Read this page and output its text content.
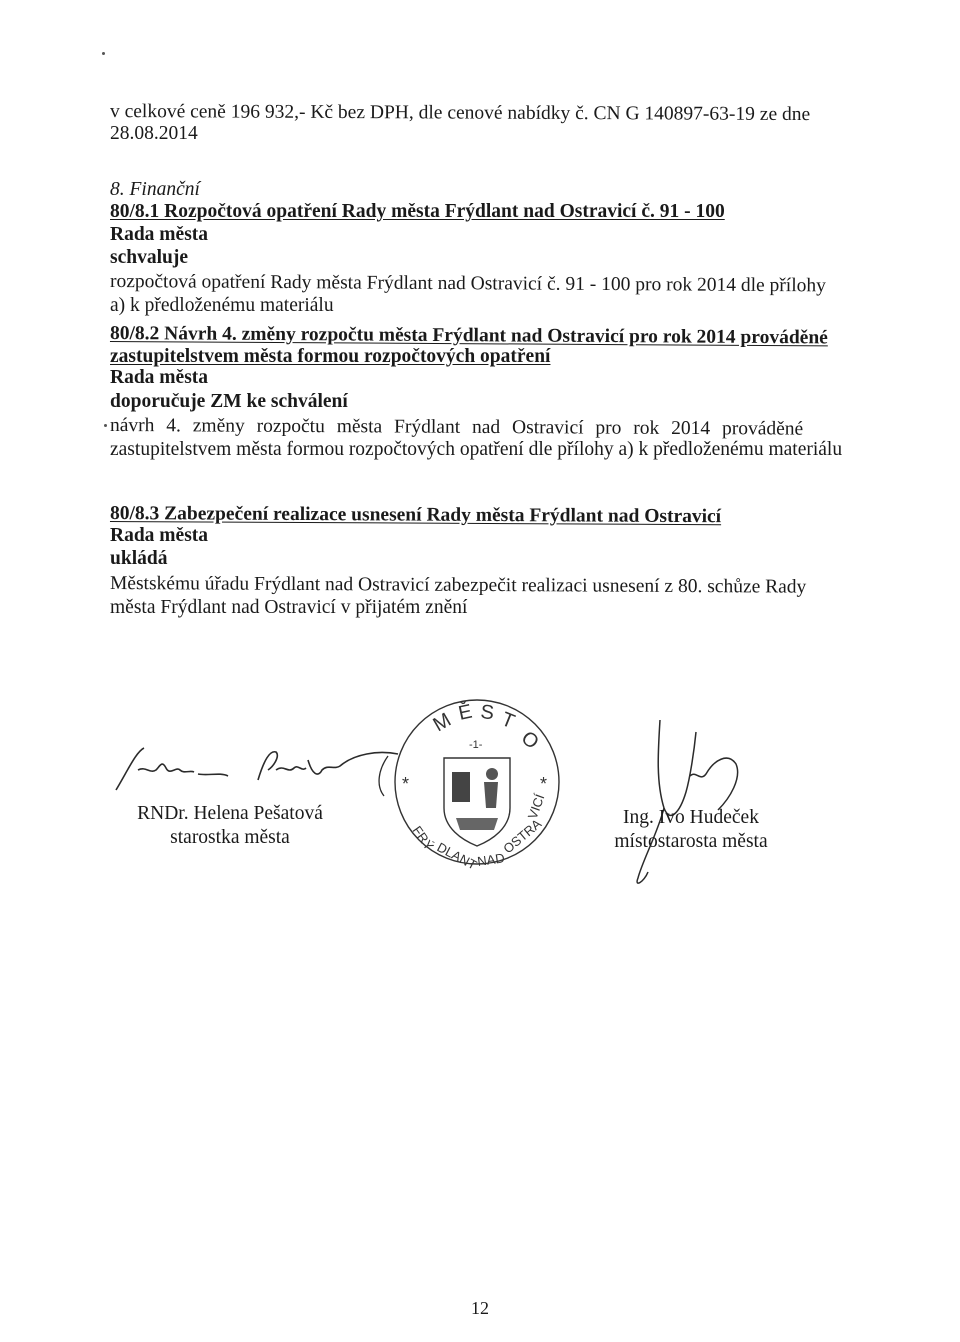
v celkové ceně 196 932,- Kč bez DPH, dle cenové nabídky č. CN G 140897-63-19 ze dne
28.08.2014
8. Finanční
80/8.1 Rozpočtová opatření Rady města Frýdlant nad Ostravicí č. 91 - 100
Rada města
schvaluje
rozpočtová opatření Rady města Frýdlant nad Ostravicí č. 91 - 100 pro rok 2014 dle přílohy
a) k předloženému materiálu
80/8.2 Návrh 4. změny rozpočtu města Frýdlant nad Ostravicí pro rok 2014 prováděné
zastupitelstvem města formou rozpočtových opatření
Rada města
doporučuje ZM ke schválení
návrh 4. změny rozpočtu města Frýdlant nad Ostravicí pro rok 2014 prováděné
zastupitelstvem města formou rozpočtových opatření dle přílohy a) k předloženému materiálu
80/8.3 Zabezpečení realizace usnesení Rady města Frýdlant nad Ostravicí
Rada města
ukládá
Městskému úřadu Frýdlant nad Ostravicí zabezpečit realizaci usnesení z 80. schůze Rady
města Frýdlant nad Ostravicí v přijatém znění
RNDr. Helena Pešatová
starostka města
M Ě S T
O
-1-
*	*
FRÝ
DLANT
NAD
OSTRA
VICÍ	Ing. Ivo Hudeček
místostarosta města
12
